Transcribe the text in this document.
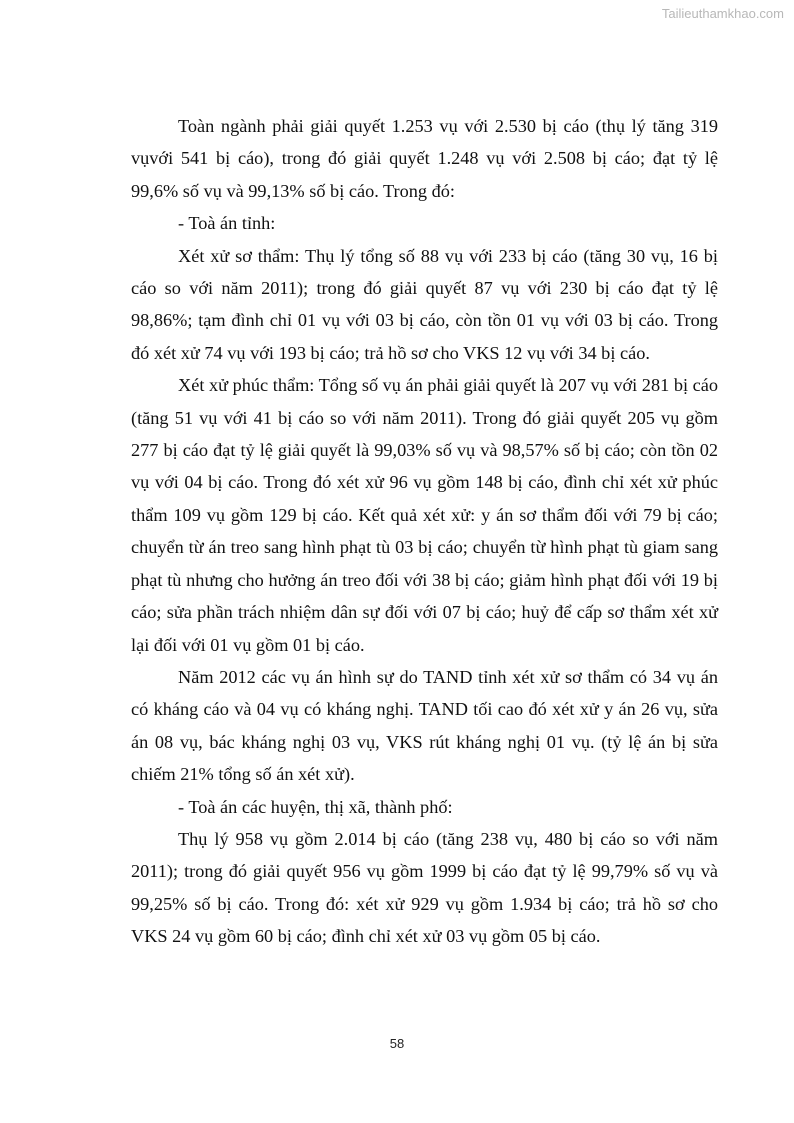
Tailieuthamkhao.com

Toàn ngành phải giải quyết 1.253 vụ với 2.530 bị cáo (thụ lý tăng 319 vụvới 541 bị cáo), trong đó giải quyết 1.248 vụ với 2.508 bị cáo; đạt tỷ lệ 99,6% số vụ và 99,13% số bị cáo. Trong đó:

- Toà án tỉnh:

Xét xử sơ thẩm: Thụ lý tổng số 88 vụ với 233 bị cáo (tăng 30 vụ, 16 bị cáo so với năm 2011); trong đó giải quyết 87 vụ với 230 bị cáo đạt tỷ lệ 98,86%; tạm đình chỉ 01 vụ với 03 bị cáo, còn tồn 01 vụ với 03 bị cáo. Trong đó xét xử 74 vụ với 193 bị cáo; trả hồ sơ cho VKS 12 vụ với 34 bị cáo.

Xét xử phúc thẩm: Tổng số vụ án phải giải quyết là 207 vụ với 281 bị cáo (tăng 51 vụ với 41 bị cáo so với năm 2011). Trong đó giải quyết 205 vụ gồm 277 bị cáo đạt tỷ lệ giải quyết là 99,03% số vụ và 98,57% số bị cáo; còn tồn 02 vụ với 04 bị cáo. Trong đó xét xử 96 vụ gồm 148 bị cáo, đình chỉ xét xử phúc thẩm 109 vụ gồm 129 bị cáo. Kết quả xét xử: y án sơ thẩm đối với 79 bị cáo; chuyển từ án treo sang hình phạt tù 03 bị cáo; chuyển từ hình phạt tù giam sang phạt tù nhưng cho hưởng án treo đối với 38 bị cáo; giảm hình phạt đối với 19 bị cáo; sửa phần trách nhiệm dân sự đối với 07 bị cáo; huỷ để cấp sơ thẩm xét xử lại đối với 01 vụ gồm 01 bị cáo.

Năm 2012 các vụ án hình sự do TAND tỉnh xét xử sơ thẩm có 34 vụ án có kháng cáo và 04 vụ có kháng nghị. TAND tối cao đó xét xử y án 26 vụ, sửa án 08 vụ, bác kháng nghị 03 vụ, VKS rút kháng nghị 01 vụ. (tỷ lệ án bị sửa chiếm 21% tổng số án xét xử).

- Toà án các huyện, thị xã, thành phố:

Thụ lý 958 vụ gồm 2.014 bị cáo (tăng 238 vụ, 480 bị cáo so với năm 2011); trong đó giải quyết 956 vụ gồm 1999 bị cáo đạt tỷ lệ 99,79% số vụ và 99,25% số bị cáo. Trong đó: xét xử 929 vụ gồm 1.934 bị cáo; trả hồ sơ cho VKS 24 vụ gồm 60 bị cáo; đình chỉ xét xử 03 vụ gồm 05 bị cáo.

58
